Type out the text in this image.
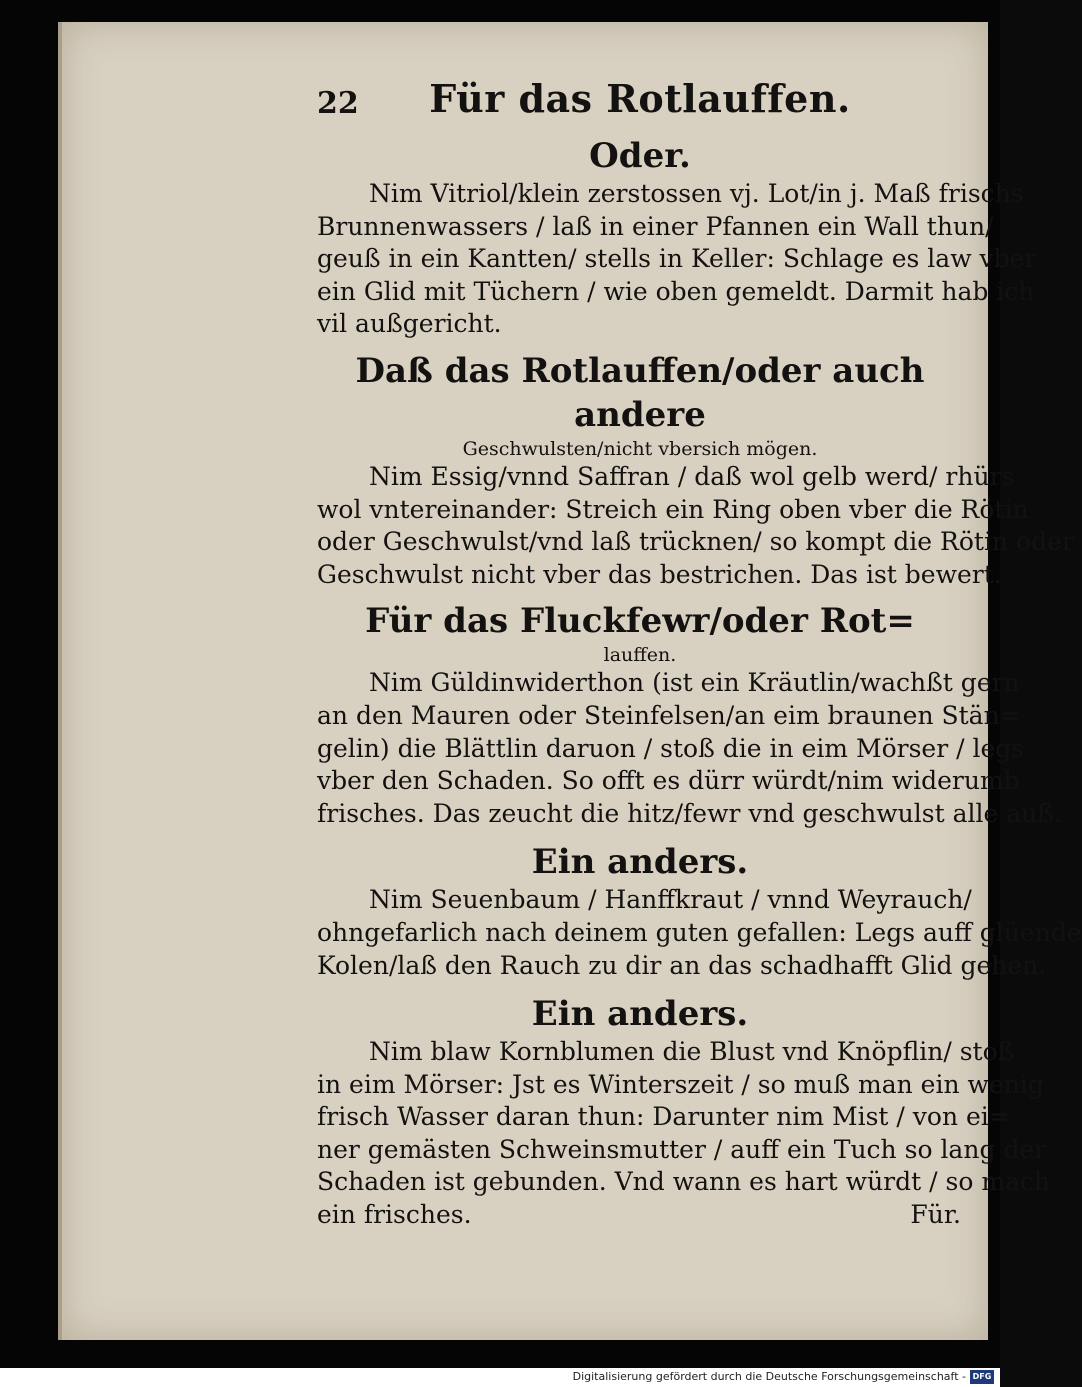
22	Für das Rotlauffen.
Oder.

Nim Vitriol/klein zerstossen vj. Lot/in j. Maß frischs
Brunnenwassers / laß in einer Pfannen ein Wall thun/
geuß in ein Kantten/ stells in Keller: Schlage es law vber
ein Glid mit Tüchern / wie oben gemeldt. Darmit hab ich
vil außgericht.

Daß das Rotlauffen/oder auch andere
Geschwulsten/nicht vbersich mögen.

Nim Essig/vnnd Saffran / daß wol gelb werd/ rhürs
wol vntereinander: Streich ein Ring oben vber die Rötin
oder Geschwulst/vnd laß trücknen/ so kompt die Rötin oder
Geschwulst nicht vber das bestrichen. Das ist bewert.

Für das Fluckfewr/oder Rot=
lauffen.

Nim Güldinwiderthon (ist ein Kräutlin/wachßt gern
an den Mauren oder Steinfelsen/an eim braunen Stän=
gelin) die Blättlin daruon / stoß die in eim Mörser / legs
vber den Schaden. So offt es dürr würdt/nim widerumb
frisches. Das zeucht die hitz/fewr vnd geschwulst alle auß.

Ein anders.

Nim Seuenbaum / Hanffkraut / vnnd Weyrauch/
ohngefarlich nach deinem guten gefallen: Legs auff glüende
Kolen/laß den Rauch zu dir an das schadhafft Glid gehen.

Ein anders.

Nim blaw Kornblumen die Blust vnd Knöpflin/ stoß
in eim Mörser: Jst es Winterszeit / so muß man ein wenig
frisch Wasser daran thun: Darunter nim Mist / von ei=
ner gemästen Schweinsmutter / auff ein Tuch so lang der
Schaden ist gebunden. Vnd wann es hart würdt / so mach
ein frisches.	Für.

Digitalisierung gefördert durch die Deutsche Forschungsgemeinschaft - DFG
